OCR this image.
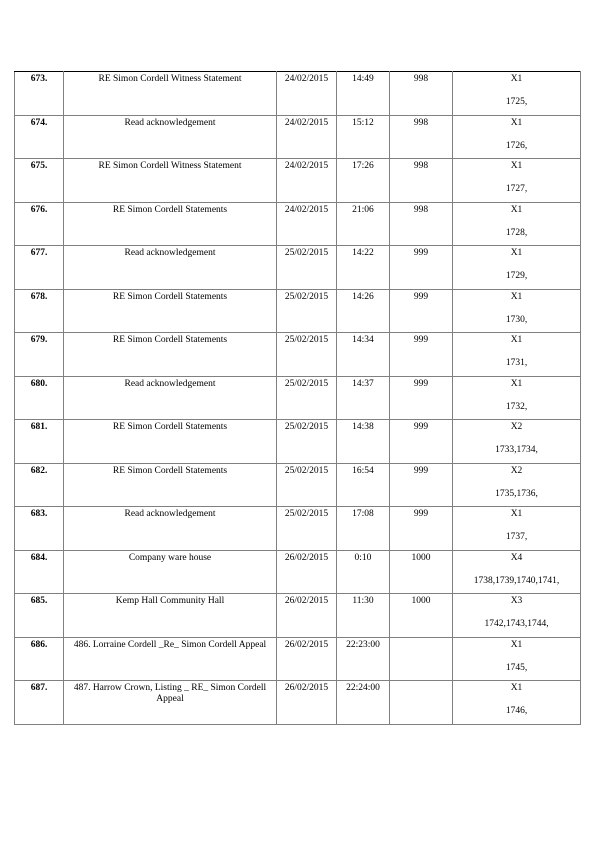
673.	RE Simon Cordell Witness Statement	24/02/2015	14:49	998	X1
1725,

674.	Read acknowledgement	24/02/2015	15:12	998	X1
1726,

675.	RE Simon Cordell Witness Statement	24/02/2015	17:26	998	X1
1727,

676.	RE Simon Cordell Statements	24/02/2015	21:06	998	X1
1728,

677.	Read acknowledgement	25/02/2015	14:22	999	X1
1729,

678.	RE Simon Cordell Statements	25/02/2015	14:26	999	X1
1730,

679.	RE Simon Cordell Statements	25/02/2015	14:34	999	X1
1731,

680.	Read acknowledgement	25/02/2015	14:37	999	X1
1732,

681.	RE Simon Cordell Statements	25/02/2015	14:38	999	X2
1733,1734,

682.	RE Simon Cordell Statements	25/02/2015	16:54	999	X2
1735,1736,

683.	Read acknowledgement	25/02/2015	17:08	999	X1
1737,

684.	Company ware house	26/02/2015	0:10	1000	X4
1738,1739,1740,1741,

685.	Kemp Hall Community Hall	26/02/2015	11:30	1000	X3
1742,1743,1744,

686.	486. Lorraine Cordell _Re_ Simon Cordell Appeal	26/02/2015	22:23:00		X1
1745,

687.	487. Harrow Crown, Listing _ RE_ Simon Cordell Appeal	26/02/2015	22:24:00		X1
1746,
